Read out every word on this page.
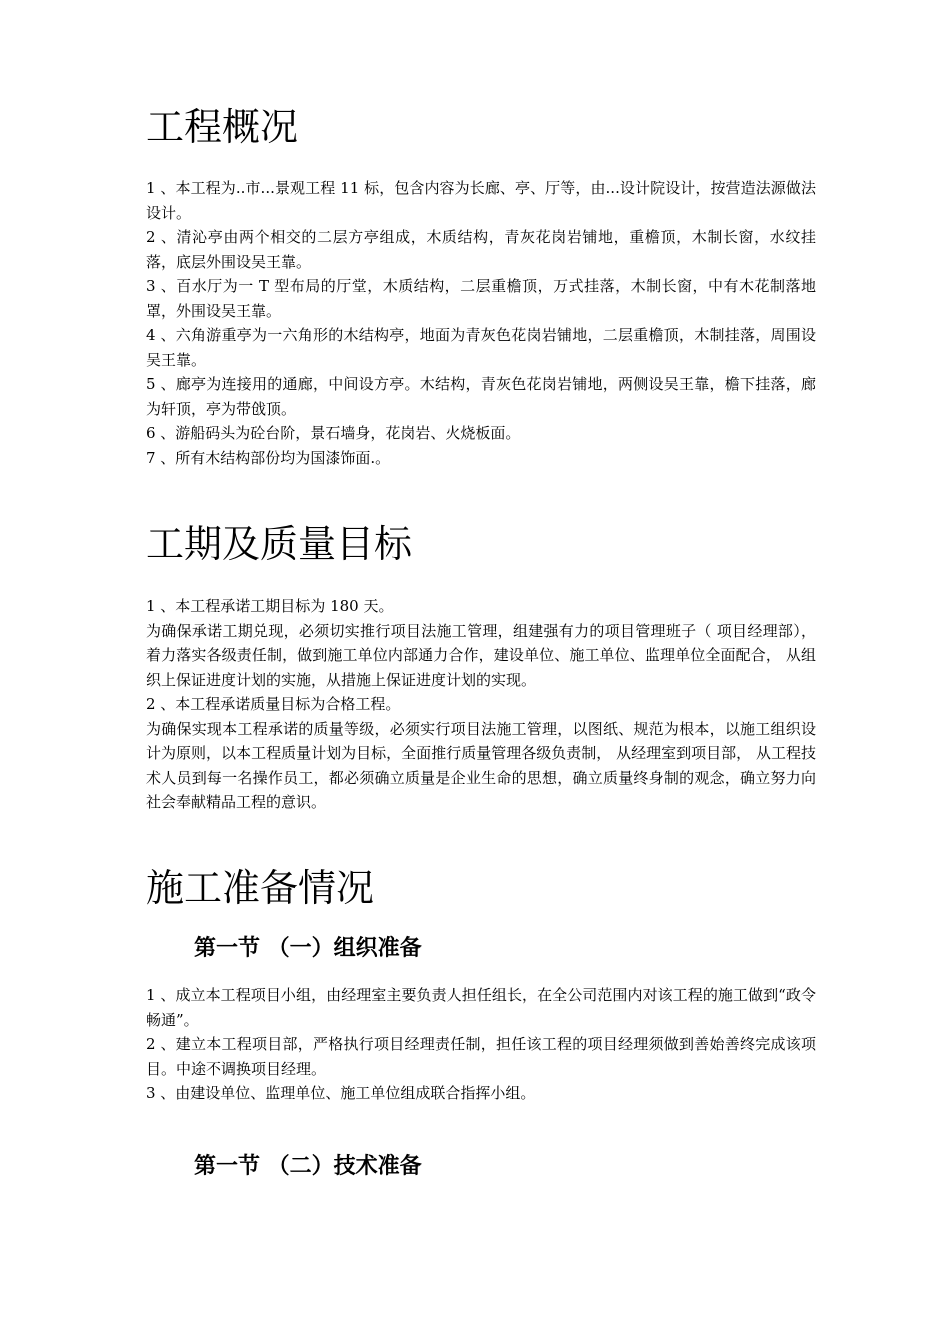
工程概况

1 、本工程为..市...景观工程 11 标，包含内容为长廊、亭、厅等，由...设计院设计，按营造法源做法设计。

2 、清沁亭由两个相交的二层方亭组成，木质结构，青灰花岗岩铺地，重檐顶，木制长窗，水纹挂落，底层外围设吴王靠。

3 、百水厅为一 T 型布局的厅堂，木质结构，二层重檐顶，万式挂落，木制长窗，中有木花制落地罩，外围设吴王靠。

4 、六角游重亭为一六角形的木结构亭，地面为青灰色花岗岩铺地，二层重檐顶，木制挂落，周围设吴王靠。

5 、廊亭为连接用的通廊，中间设方亭。木结构，青灰色花岗岩铺地，两侧设吴王靠，檐下挂落，廊为轩顶，亭为带戗顶。

6 、游船码头为砼台阶，景石墙身，花岗岩、火烧板面。

7 、所有木结构部份均为国漆饰面.。

工期及质量目标

1 、本工程承诺工期目标为 180 天。

为确保承诺工期兑现，必须切实推行项目法施工管理，组建强有力的项目管理班子（ 项目经理部），着力落实各级责任制，做到施工单位内部通力合作，建设单位、施工单位、监理单位全面配合， 从组织上保证进度计划的实施，从措施上保证进度计划的实现。

2 、本工程承诺质量目标为合格工程。

为确保实现本工程承诺的质量等级，必须实行项目法施工管理，以图纸、规范为根本，以施工组织设计为原则，以本工程质量计划为目标，全面推行质量管理各级负责制， 从经理室到项目部， 从工程技术人员到每一名操作员工，都必须确立质量是企业生命的思想，确立质量终身制的观念，确立努力向社会奉献精品工程的意识。

施工准备情况
第一节 （一）组织准备

1 、成立本工程项目小组，由经理室主要负责人担任组长，在全公司范围内对该工程的施工做到“政令畅通”。

2 、建立本工程项目部，严格执行项目经理责任制，担任该工程的项目经理须做到善始善终完成该项目。中途不调换项目经理。

3 、由建设单位、监理单位、施工单位组成联合指挥小组。

第一节 （二）技术准备
